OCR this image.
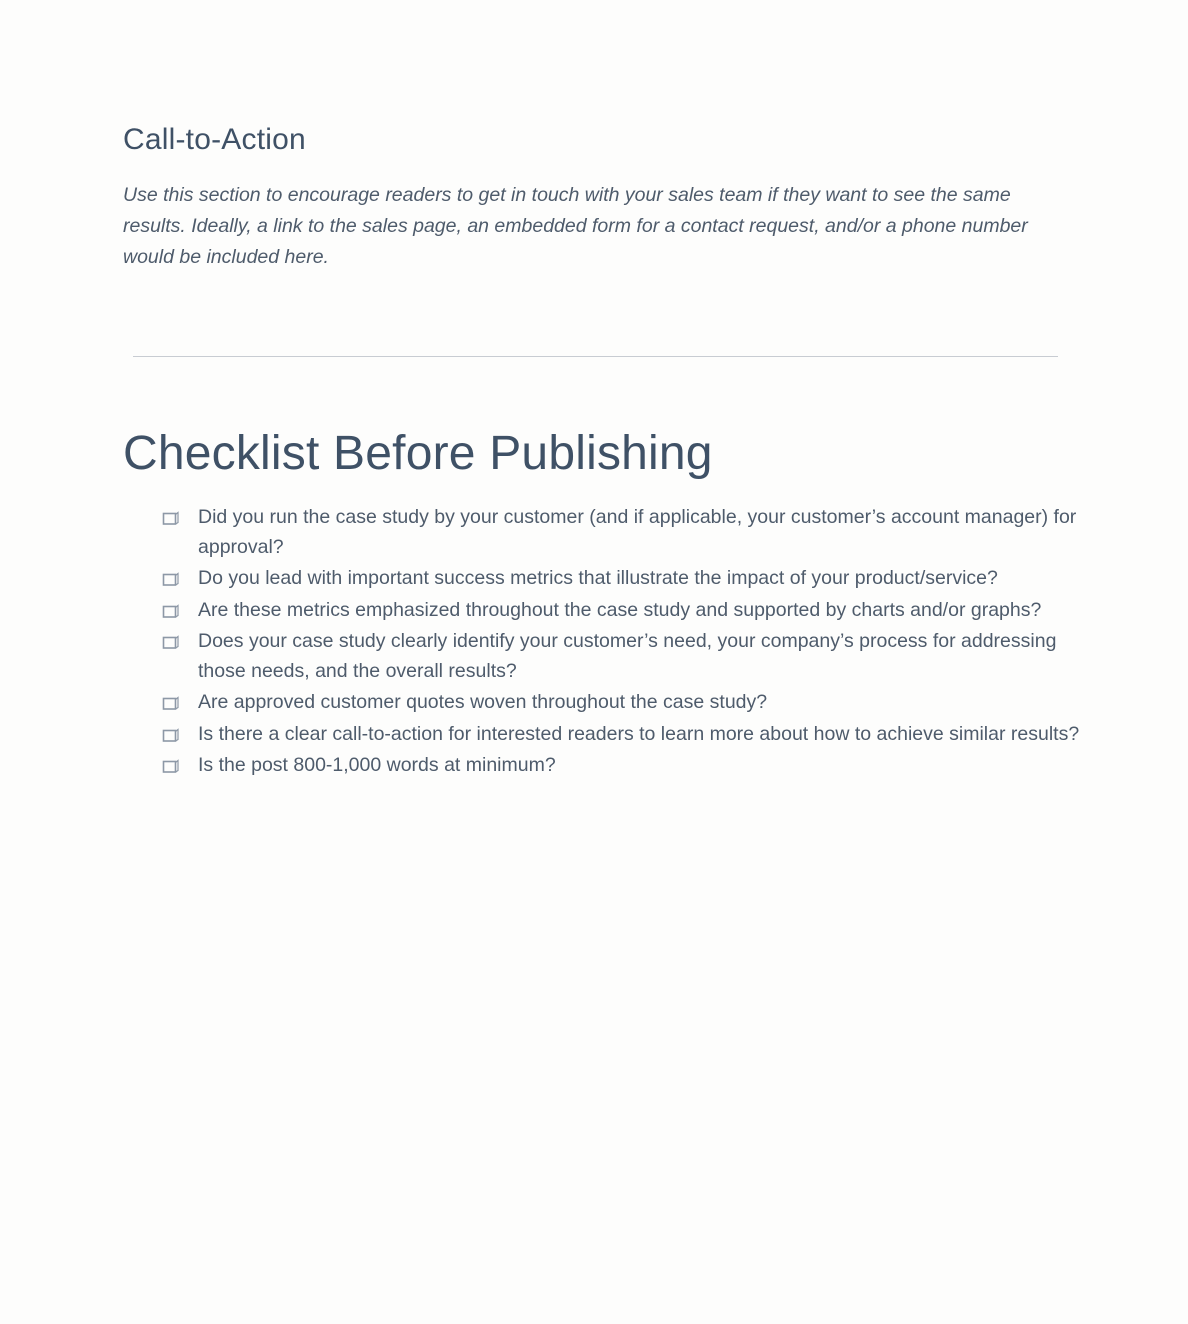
Call-to-Action

Use this section to encourage readers to get in touch with your sales team if they want to see the same results. Ideally, a link to the sales page, an embedded form for a contact request, and/or a phone number would be included here.

Checklist Before Publishing
Did you run the case study by your customer (and if applicable, your customer’s account manager) for approval?
Do you lead with important success metrics that illustrate the impact of your product/service?
Are these metrics emphasized throughout the case study and supported by charts and/or graphs?
Does your case study clearly identify your customer’s need, your company’s process for addressing those needs, and the overall results?
Are approved customer quotes woven throughout the case study?
Is there a clear call-to-action for interested readers to learn more about how to achieve similar results?
Is the post 800-1,000 words at minimum?
